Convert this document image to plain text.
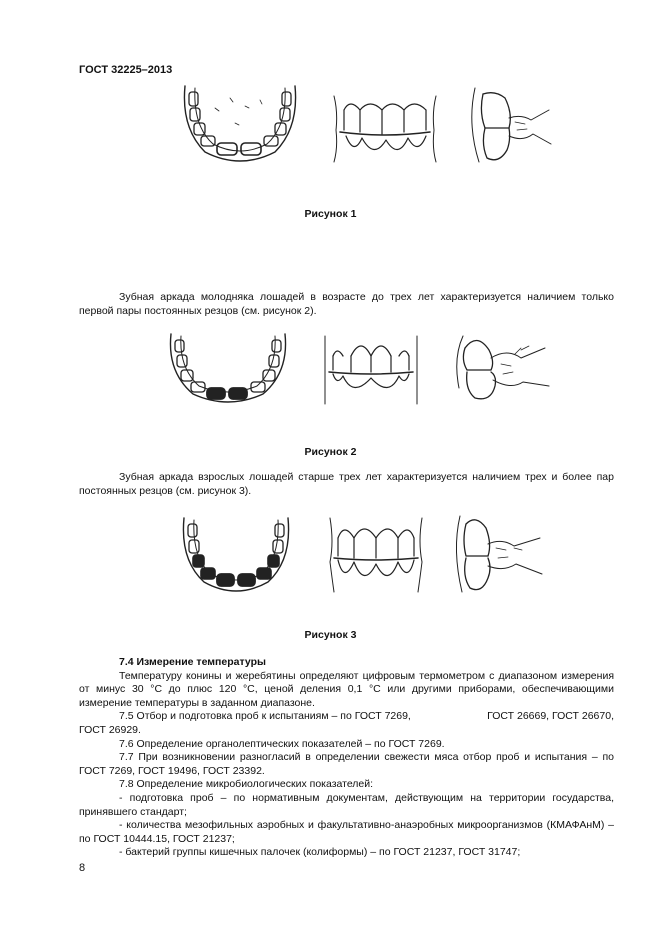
ГОСТ 32225–2013
Рисунок 1

Зубная аркада молодняка лошадей в возрасте до трех лет характеризуется наличием только первой пары постоянных резцов (см. рисунок 2).

Рисунок 2

Зубная аркада взрослых лошадей старше трех лет характеризуется наличием трех и более пар постоянных резцов (см. рисунок 3).

Рисунок 3

7.4 Измерение температуры

Температуру конины и жеребятины определяют цифровым термометром с диапазоном измерения от минус 30 °С до плюс 120 °С, ценой деления 0,1 °С или другими приборами, обеспечивающими измерение температуры в заданном диапазоне.

7.5 Отбор и подготовка проб к испытаниям – по ГОСТ 7269,                          ГОСТ 26669, ГОСТ 26670, ГОСТ 26929.

7.6 Определение органолептических показателей – по ГОСТ 7269.

7.7 При возникновении разногласий в определении свежести мяса отбор проб и испытания – по ГОСТ 7269, ГОСТ 19496, ГОСТ 23392.

7.8 Определение микробиологических показателей:

- подготовка проб – по нормативным документам, действующим на территории государства, принявшего стандарт;

- количества мезофильных аэробных и факультативно-анаэробных микроорганизмов (КМАФАнМ) – по ГОСТ 10444.15, ГОСТ 21237;

- бактерий группы кишечных палочек (колиформы) – по ГОСТ 21237, ГОСТ 31747;

8
